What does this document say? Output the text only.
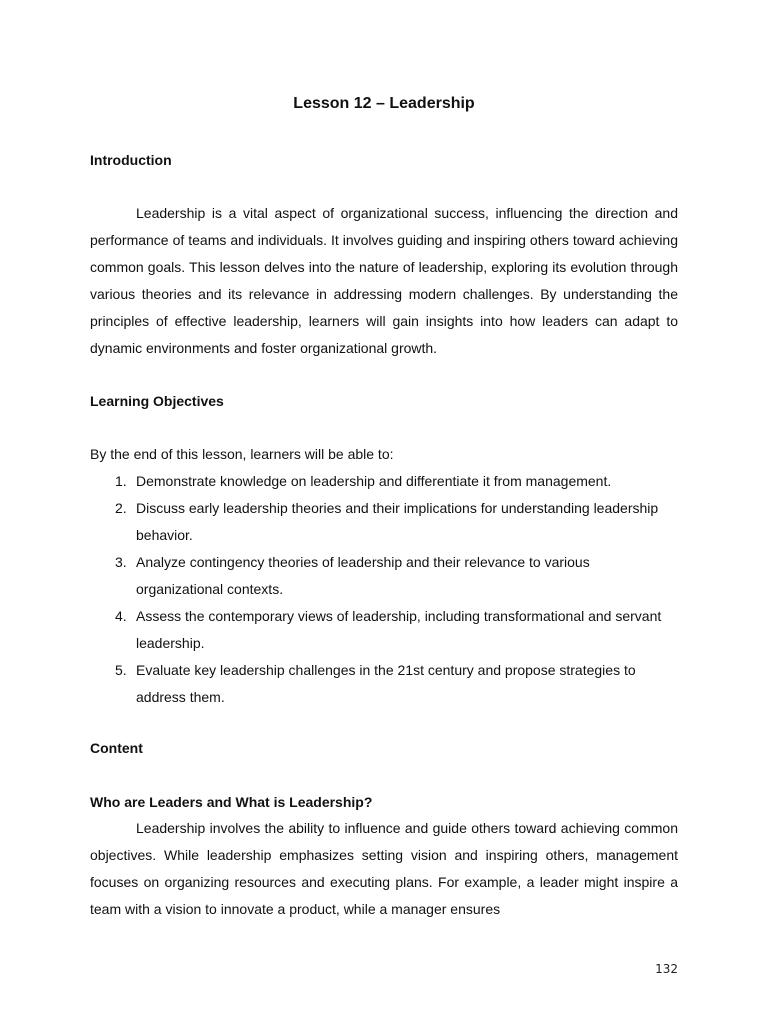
Lesson 12 – Leadership
Introduction

Leadership is a vital aspect of organizational success, influencing the direction and performance of teams and individuals. It involves guiding and inspiring others toward achieving common goals. This lesson delves into the nature of leadership, exploring its evolution through various theories and its relevance in addressing modern challenges. By understanding the principles of effective leadership, learners will gain insights into how leaders can adapt to dynamic environments and foster organizational growth.

Learning Objectives
By the end of this lesson, learners will be able to:
1. Demonstrate knowledge on leadership and differentiate it from management.
2. Discuss early leadership theories and their implications for understanding leadership behavior.
3. Analyze contingency theories of leadership and their relevance to various organizational contexts.
4. Assess the contemporary views of leadership, including transformational and servant leadership.
5. Evaluate key leadership challenges in the 21st century and propose strategies to address them.
Content
Who are Leaders and What is Leadership?

Leadership involves the ability to influence and guide others toward achieving common objectives. While leadership emphasizes setting vision and inspiring others, management focuses on organizing resources and executing plans. For example, a leader might inspire a team with a vision to innovate a product, while a manager ensures

132
